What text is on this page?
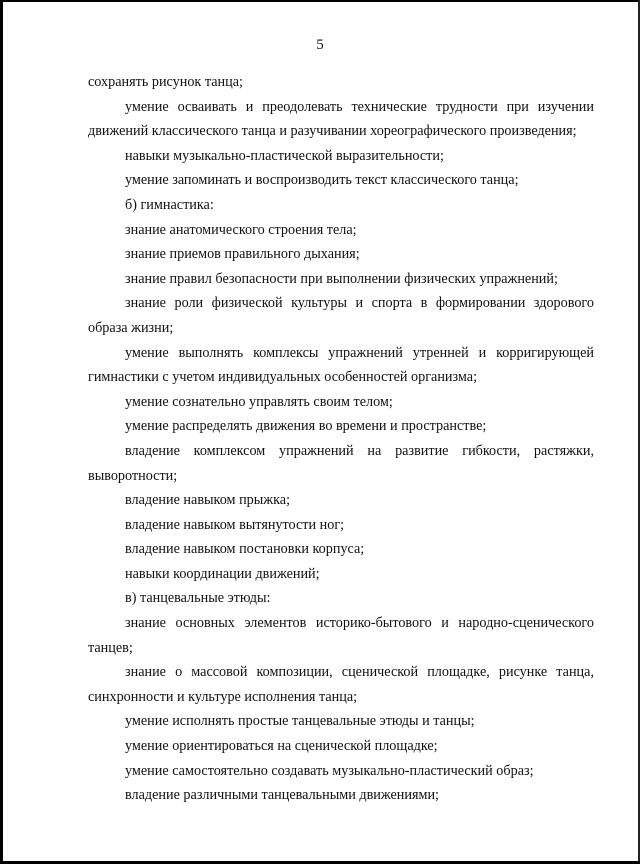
5

сохранять рисунок танца;

умение осваивать и преодолевать технические трудности при изучении движений классического танца и разучивании хореографического произведения;

навыки музыкально-пластической выразительности;

умение запоминать и воспроизводить текст классического танца;

б) гимнастика:

знание анатомического строения тела;

знание приемов правильного дыхания;

знание правил безопасности при выполнении физических упражнений;

знание роли физической культуры и спорта в формировании здорового образа жизни;

умение выполнять комплексы упражнений утренней и корригирующей гимнастики с учетом индивидуальных особенностей организма;

умение сознательно управлять своим телом;

умение распределять движения во времени и пространстве;

владение комплексом упражнений на развитие гибкости, растяжки, выворотности;

владение навыком прыжка;

владение навыком вытянутости ног;

владение навыком постановки корпуса;

навыки координации движений;

в) танцевальные этюды:

знание основных элементов историко-бытового и народно-сценического танцев;

знание о массовой композиции, сценической площадке, рисунке танца, синхронности и культуре исполнения танца;

умение исполнять простые танцевальные этюды и танцы;

умение ориентироваться на сценической площадке;

умение самостоятельно создавать музыкально-пластический образ;

владение различными танцевальными движениями;
